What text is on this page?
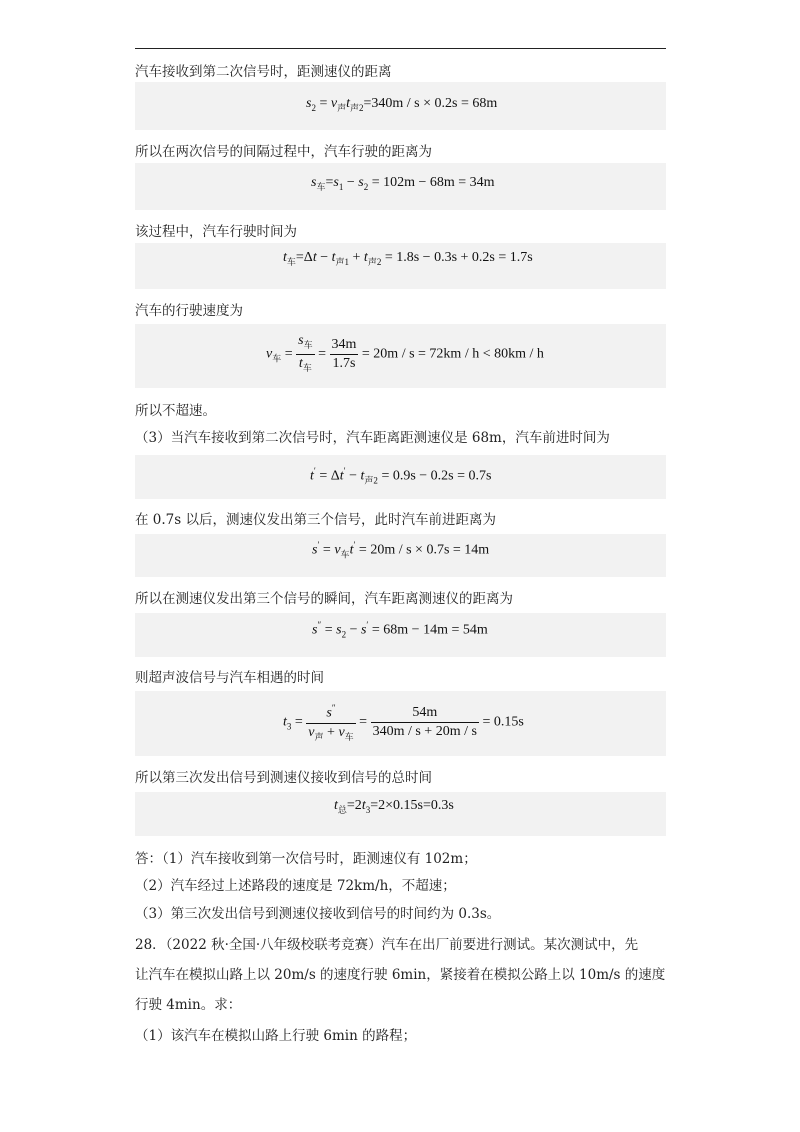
汽车接收到第二次信号时，距测速仪的距离
$s_2 = v_声t_{声2}=340m / s \times 0.2s = 68m$
所以在两次信号的间隔过程中，汽车行驶的距离为
$s_车=s_1 - s_2 = 102m - 68m = 34m$
该过程中，汽车行驶时间为
$t_车=\Delta t - t_{声1} + t_{声2} = 1.8s - 0.3s + 0.2s = 1.7s$
汽车的行驶速度为
$v_车 = \frac{s_车}{t_车} = \frac{34m}{1.7s} = 20m / s = 72km / h < 80km / h$
所以不超速。
（3）当汽车接收到第二次信号时，汽车距离距测速仪是 68m，汽车前进时间为
$t' = \Delta t' - t_{声2} = 0.9s - 0.2s = 0.7s$
在 0.7s 以后，测速仪发出第三个信号，此时汽车前进距离为
$s' = v_车t' = 20m / s \times 0.7s = 14m$
所以在测速仪发出第三个信号的瞬间，汽车距离测速仪的距离为
$s'' = s_2 - s' = 68m - 14m = 54m$
则超声波信号与汽车相遇的时间
$t_3 = \frac{s''}{v_声 + v_车} = \frac{54m}{340m / s + 20m / s} = 0.15s$
所以第三次发出信号到测速仪接收到信号的总时间
$t_总=2t_3=2\times 0.15s=0.3s$
答：（1）汽车接收到第一次信号时，距测速仪有 102m；
（2）汽车经过上述路段的速度是 72km/h，不超速；
（3）第三次发出信号到测速仪接收到信号的时间约为 0.3s。
28．（2022 秋·全国·八年级校联考竞赛）汽车在出厂前要进行测试。某次测试中，先
让汽车在模拟山路上以 20m/s 的速度行驶 6min，紧接着在模拟公路上以 10m/s 的速度
行驶 4min。求：
（1）该汽车在模拟山路上行驶 6min 的路程；
